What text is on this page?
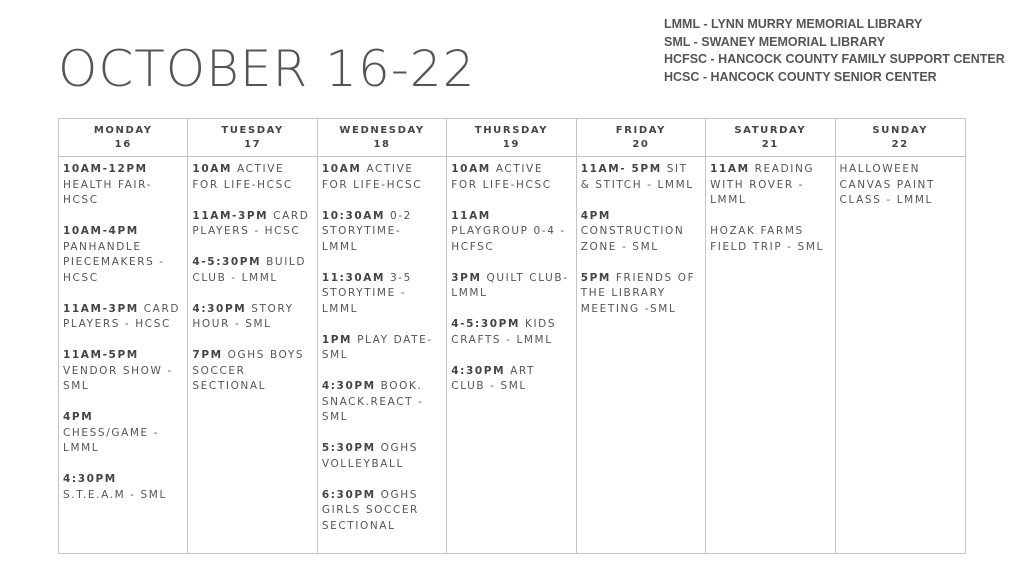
OCTOBER 16-22
LMML - LYNN MURRY MEMORIAL LIBRARY
SML - SWANEY MEMORIAL LIBRARY
HCFSC - HANCOCK COUNTY FAMILY SUPPORT CENTER
HCSC - HANCOCK COUNTY SENIOR CENTER
MONDAY
16
10AM-12PM HEALTH FAIR- HCSC
10AM-4PM PANHANDLE PIECEMAKERS - HCSC
11AM-3PM CARD PLAYERS - HCSC
11AM-5PM VENDOR SHOW - SML
4PM CHESS/GAME - LMML
4:30PM S.T.E.A.M - SML
TUESDAY
17
10AM ACTIVE FOR LIFE-HCSC
11AM-3PM CARD PLAYERS - HCSC
4-5:30PM BUILD CLUB - LMML
4:30PM STORY HOUR - SML
7PM OGHS BOYS SOCCER SECTIONAL
WEDNESDAY
18
10AM ACTIVE FOR LIFE-HCSC
10:30AM 0-2 STORYTIME- LMML
11:30AM 3-5 STORYTIME - LMML
1PM PLAY DATE- SML
4:30PM BOOK. SNACK.REACT - SML
5:30PM OGHS VOLLEYBALL
6:30PM OGHS GIRLS SOCCER SECTIONAL
THURSDAY
19
10AM ACTIVE FOR LIFE-HCSC
11AM PLAYGROUP 0-4 - HCFSC
3PM QUILT CLUB- LMML
4-5:30PM KIDS CRAFTS - LMML
4:30PM ART CLUB - SML
FRIDAY
20
11AM- 5PM SIT & STITCH - LMML
4PM CONSTRUCTION ZONE - SML
5PM FRIENDS OF THE LIBRARY MEETING -SML
SATURDAY
21
11AM READING WITH ROVER - LMML
HOZAK FARMS FIELD TRIP - SML
SUNDAY
22
HALLOWEEN CANVAS PAINT CLASS - LMML
